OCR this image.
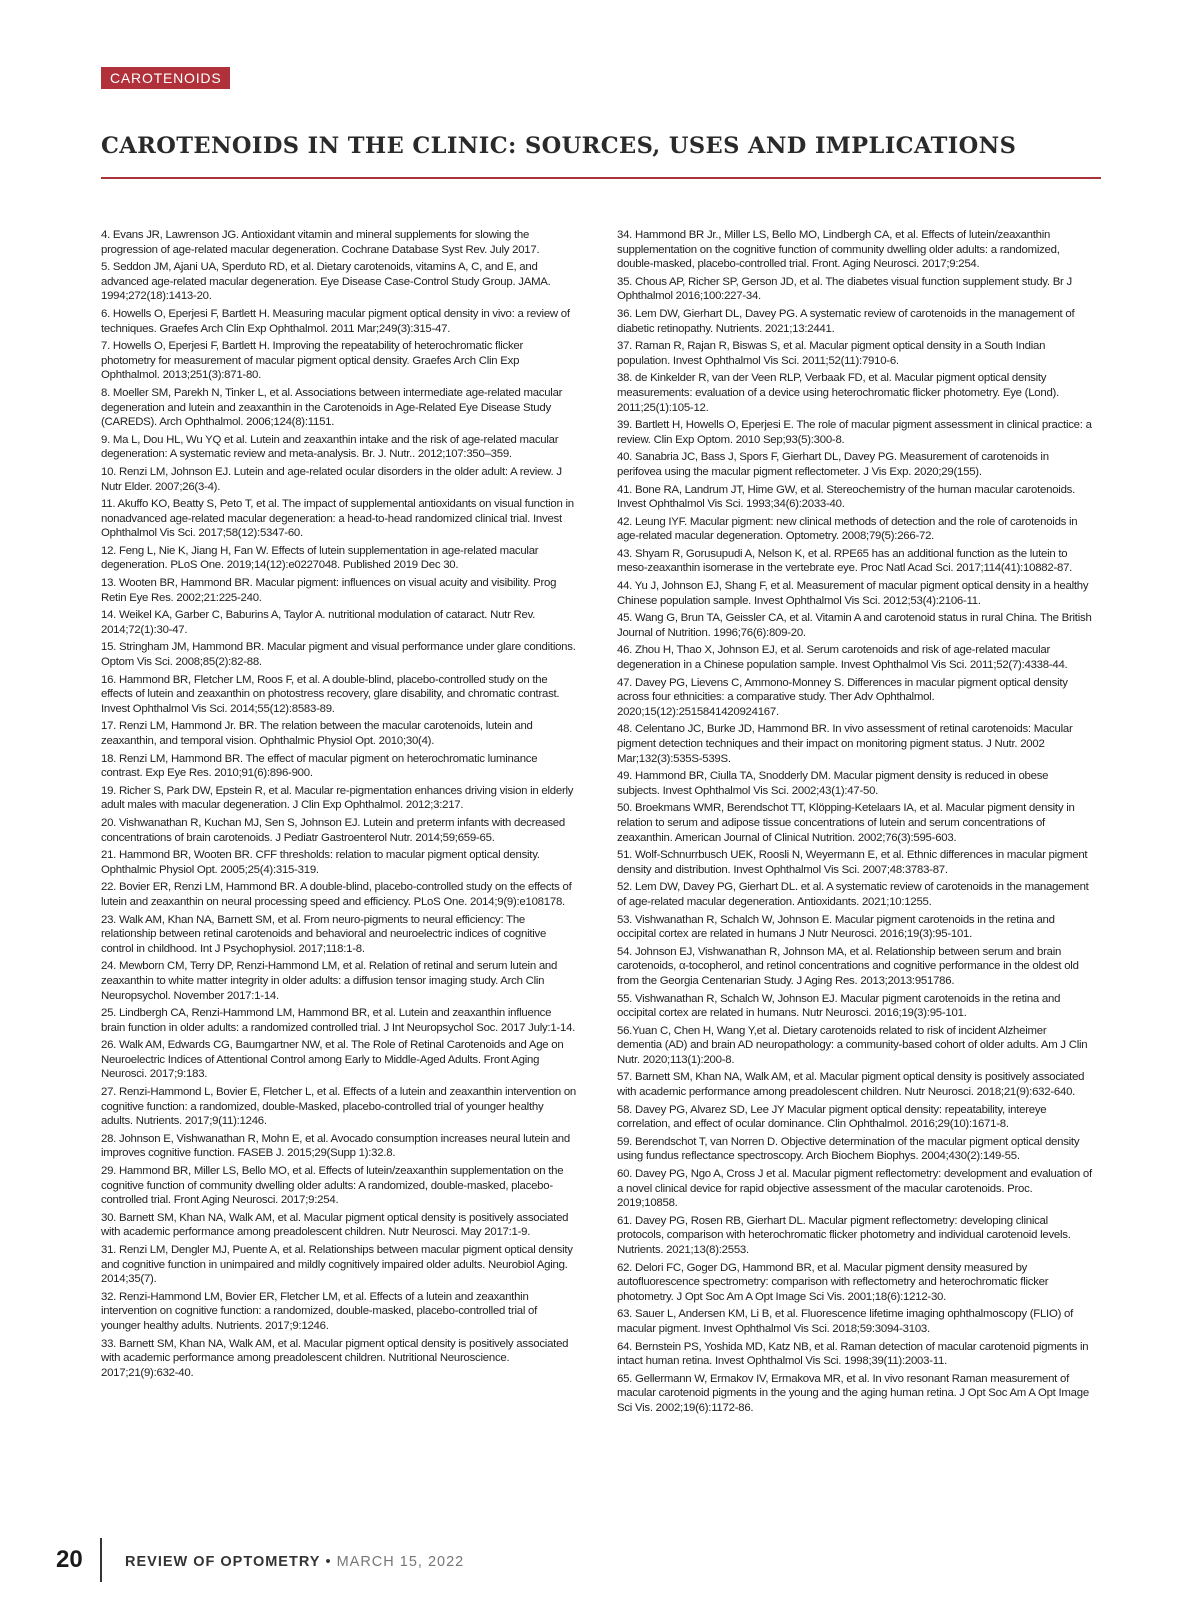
CAROTENOIDS
CAROTENOIDS IN THE CLINIC: SOURCES, USES AND IMPLICATIONS

4. Evans JR, Lawrenson JG. Antioxidant vitamin and mineral supplements for slowing the progression of age-related macular degeneration. Cochrane Database Syst Rev. July 2017.

5. Seddon JM, Ajani UA, Sperduto RD, et al. Dietary carotenoids, vitamins A, C, and E, and advanced age-related macular degeneration. Eye Disease Case-Control Study Group. JAMA. 1994;272(18):1413-20.

6. Howells O, Eperjesi F, Bartlett H. Measuring macular pigment optical density in vivo: a review of techniques. Graefes Arch Clin Exp Ophthalmol. 2011 Mar;249(3):315-47.

7. Howells O, Eperjesi F, Bartlett H. Improving the repeatability of heterochromatic flicker photometry for measurement of macular pigment optical density. Graefes Arch Clin Exp Ophthalmol. 2013;251(3):871-80.

8. Moeller SM, Parekh N, Tinker L, et al. Associations between intermediate age-related macular degeneration and lutein and zeaxanthin in the Carotenoids in Age-Related Eye Disease Study (CAREDS). Arch Ophthalmol. 2006;124(8):1151.

9. Ma L, Dou HL, Wu YQ et al. Lutein and zeaxanthin intake and the risk of age-related macular degeneration: A systematic review and meta-analysis. Br. J. Nutr.. 2012;107:350–359.

10. Renzi LM, Johnson EJ. Lutein and age-related ocular disorders in the older adult: A review. J Nutr Elder. 2007;26(3-4).

11. Akuffo KO, Beatty S, Peto T, et al. The impact of supplemental antioxidants on visual function in nonadvanced age-related macular degeneration: a head-to-head randomized clinical trial. Invest Ophthalmol Vis Sci. 2017;58(12):5347-60.

12. Feng L, Nie K, Jiang H, Fan W. Effects of lutein supplementation in age-related macular degeneration. PLoS One. 2019;14(12):e0227048. Published 2019 Dec 30.

13. Wooten BR, Hammond BR. Macular pigment: influences on visual acuity and visibility. Prog Retin Eye Res. 2002;21:225-240.

14. Weikel KA, Garber C, Baburins A, Taylor A. nutritional modulation of cataract. Nutr Rev. 2014;72(1):30-47.

15. Stringham JM, Hammond BR. Macular pigment and visual performance under glare conditions. Optom Vis Sci. 2008;85(2):82-88.

16. Hammond BR, Fletcher LM, Roos F, et al. A double-blind, placebo-controlled study on the effects of lutein and zeaxanthin on photostress recovery, glare disability, and chromatic contrast. Invest Ophthalmol Vis Sci. 2014;55(12):8583-89.

17. Renzi LM, Hammond Jr. BR. The relation between the macular carotenoids, lutein and zeaxanthin, and temporal vision. Ophthalmic Physiol Opt. 2010;30(4).

18. Renzi LM, Hammond BR. The effect of macular pigment on heterochromatic luminance contrast. Exp Eye Res. 2010;91(6):896-900.

19. Richer S, Park DW, Epstein R, et al. Macular re-pigmentation enhances driving vision in elderly adult males with macular degeneration. J Clin Exp Ophthalmol. 2012;3:217.

20. Vishwanathan R, Kuchan MJ, Sen S, Johnson EJ. Lutein and preterm infants with decreased concentrations of brain carotenoids. J Pediatr Gastroenterol Nutr. 2014;59;659-65.

21. Hammond BR, Wooten BR. CFF thresholds: relation to macular pigment optical density. Ophthalmic Physiol Opt. 2005;25(4):315-319.

22. Bovier ER, Renzi LM, Hammond BR. A double-blind, placebo-controlled study on the effects of lutein and zeaxanthin on neural processing speed and efficiency. PLoS One. 2014;9(9):e108178.

23. Walk AM, Khan NA, Barnett SM, et al. From neuro-pigments to neural efficiency: The relationship between retinal carotenoids and behavioral and neuroelectric indices of cognitive control in childhood. Int J Psychophysiol. 2017;118:1-8.

24. Mewborn CM, Terry DP, Renzi-Hammond LM, et al. Relation of retinal and serum lutein and zeaxanthin to white matter integrity in older adults: a diffusion tensor imaging study. Arch Clin Neuropsychol. November 2017:1-14.

25. Lindbergh CA, Renzi-Hammond LM, Hammond BR, et al. Lutein and zeaxanthin influence brain function in older adults: a randomized controlled trial. J Int Neuropsychol Soc. 2017 July:1-14.

26. Walk AM, Edwards CG, Baumgartner NW, et al. The Role of Retinal Carotenoids and Age on Neuroelectric Indices of Attentional Control among Early to Middle-Aged Adults. Front Aging Neurosci. 2017;9:183.

27. Renzi-Hammond L, Bovier E, Fletcher L, et al. Effects of a lutein and zeaxanthin intervention on cognitive function: a randomized, double-Masked, placebo-controlled trial of younger healthy adults. Nutrients. 2017;9(11):1246.

28. Johnson E, Vishwanathan R, Mohn E, et al. Avocado consumption increases neural lutein and improves cognitive function. FASEB J. 2015;29(Supp 1):32.8.

29. Hammond BR, Miller LS, Bello MO, et al. Effects of lutein/zeaxanthin supplementation on the cognitive function of community dwelling older adults: A randomized, double-masked, placebo-controlled trial. Front Aging Neurosci. 2017;9:254.

30. Barnett SM, Khan NA, Walk AM, et al. Macular pigment optical density is positively associated with academic performance among preadolescent children. Nutr Neurosci. May 2017:1-9.

31. Renzi LM, Dengler MJ, Puente A, et al. Relationships between macular pigment optical density and cognitive function in unimpaired and mildly cognitively impaired older adults. Neurobiol Aging. 2014;35(7).

32. Renzi-Hammond LM, Bovier ER, Fletcher LM, et al. Effects of a lutein and zeaxanthin intervention on cognitive function: a randomized, double-masked, placebo-controlled trial of younger healthy adults. Nutrients. 2017;9:1246.

33. Barnett SM, Khan NA, Walk AM, et al. Macular pigment optical density is positively associated with academic performance among preadolescent children. Nutritional Neuroscience. 2017;21(9):632-40.

34. Hammond BR Jr., Miller LS, Bello MO, Lindbergh CA, et al. Effects of lutein/zeaxanthin supplementation on the cognitive function of community dwelling older adults: a randomized, double-masked, placebo-controlled trial. Front. Aging Neurosci. 2017;9:254.

35. Chous AP, Richer SP, Gerson JD, et al. The diabetes visual function supplement study. Br J Ophthalmol 2016;100:227-34.

36. Lem DW, Gierhart DL, Davey PG. A systematic review of carotenoids in the management of diabetic retinopathy. Nutrients. 2021;13:2441.

37. Raman R, Rajan R, Biswas S, et al. Macular pigment optical density in a South Indian population. Invest Ophthalmol Vis Sci. 2011;52(11):7910-6.

38. de Kinkelder R, van der Veen RLP, Verbaak FD, et al. Macular pigment optical density measurements: evaluation of a device using heterochromatic flicker photometry. Eye (Lond). 2011;25(1):105-12.

39. Bartlett H, Howells O, Eperjesi E. The role of macular pigment assessment in clinical practice: a review. Clin Exp Optom. 2010 Sep;93(5):300-8.

40. Sanabria JC, Bass J, Spors F, Gierhart DL, Davey PG. Measurement of carotenoids in perifovea using the macular pigment reflectometer. J Vis Exp. 2020;29(155).

41. Bone RA, Landrum JT, Hime GW, et al. Stereochemistry of the human macular carotenoids. Invest Ophthalmol Vis Sci. 1993;34(6):2033-40.

42. Leung IYF. Macular pigment: new clinical methods of detection and the role of carotenoids in age-related macular degeneration. Optometry. 2008;79(5):266-72.

43. Shyam R, Gorusupudi A, Nelson K, et al. RPE65 has an additional function as the lutein to meso-zeaxanthin isomerase in the vertebrate eye. Proc Natl Acad Sci. 2017;114(41):10882-87.

44. Yu J, Johnson EJ, Shang F, et al. Measurement of macular pigment optical density in a healthy Chinese population sample. Invest Ophthalmol Vis Sci. 2012;53(4):2106-11.

45. Wang G, Brun TA, Geissler CA, et al. Vitamin A and carotenoid status in rural China. The British Journal of Nutrition. 1996;76(6):809-20.

46. Zhou H, Thao X, Johnson EJ, et al. Serum carotenoids and risk of age-related macular degeneration in a Chinese population sample. Invest Ophthalmol Vis Sci. 2011;52(7):4338-44.

47. Davey PG, Lievens C, Ammono-Monney S. Differences in macular pigment optical density across four ethnicities: a comparative study. Ther Adv Ophthalmol. 2020;15(12):2515841420924167.

48. Celentano JC, Burke JD, Hammond BR. In vivo assessment of retinal carotenoids: Macular pigment detection techniques and their impact on monitoring pigment status. J Nutr. 2002 Mar;132(3):535S-539S.

49. Hammond BR, Ciulla TA, Snodderly DM. Macular pigment density is reduced in obese subjects. Invest Ophthalmol Vis Sci. 2002;43(1):47-50.

50. Broekmans WMR, Berendschot TT, Klöpping-Ketelaars IA, et al. Macular pigment density in relation to serum and adipose tissue concentrations of lutein and serum concentrations of zeaxanthin. American Journal of Clinical Nutrition. 2002;76(3):595-603.

51. Wolf-Schnurrbusch UEK, Roosli N, Weyermann E, et al. Ethnic differences in macular pigment density and distribution. Invest Ophthalmol Vis Sci. 2007;48:3783-87.

52. Lem DW, Davey PG, Gierhart DL. et al. A systematic review of carotenoids in the management of age-related macular degeneration. Antioxidants. 2021;10:1255.

53. Vishwanathan R, Schalch W, Johnson E. Macular pigment carotenoids in the retina and occipital cortex are related in humans J Nutr Neurosci. 2016;19(3):95-101.

54. Johnson EJ, Vishwanathan R, Johnson MA, et al. Relationship between serum and brain carotenoids, α-tocopherol, and retinol concentrations and cognitive performance in the oldest old from the Georgia Centenarian Study. J Aging Res. 2013;2013:951786.

55. Vishwanathan R, Schalch W, Johnson EJ. Macular pigment carotenoids in the retina and occipital cortex are related in humans. Nutr Neurosci. 2016;19(3):95-101.

56.Yuan C, Chen H, Wang Y,et al. Dietary carotenoids related to risk of incident Alzheimer dementia (AD) and brain AD neuropathology: a community-based cohort of older adults. Am J Clin Nutr. 2020;113(1):200-8.

57. Barnett SM, Khan NA, Walk AM, et al. Macular pigment optical density is positively associated with academic performance among preadolescent children. Nutr Neurosci. 2018;21(9):632-640.

58. Davey PG, Alvarez SD, Lee JY Macular pigment optical density: repeatability, intereye correlation, and effect of ocular dominance. Clin Ophthalmol. 2016;29(10):1671-8.

59. Berendschot T, van Norren D. Objective determination of the macular pigment optical density using fundus reflectance spectroscopy. Arch Biochem Biophys. 2004;430(2):149-55.

60. Davey PG, Ngo A, Cross J et al. Macular pigment reflectometry: development and evaluation of a novel clinical device for rapid objective assessment of the macular carotenoids. Proc. 2019;10858.

61. Davey PG, Rosen RB, Gierhart DL. Macular pigment reflectometry: developing clinical protocols, comparison with heterochromatic flicker photometry and individual carotenoid levels. Nutrients. 2021;13(8):2553.

62. Delori FC, Goger DG, Hammond BR, et al. Macular pigment density measured by autofluorescence spectrometry: comparison with reflectometry and heterochromatic flicker photometry. J Opt Soc Am A Opt Image Sci Vis. 2001;18(6):1212-30.

63. Sauer L, Andersen KM, Li B, et al. Fluorescence lifetime imaging ophthalmoscopy (FLIO) of macular pigment. Invest Ophthalmol Vis Sci. 2018;59:3094-3103.

64. Bernstein PS, Yoshida MD, Katz NB, et al. Raman detection of macular carotenoid pigments in intact human retina. Invest Ophthalmol Vis Sci. 1998;39(11):2003-11.

65. Gellermann W, Ermakov IV, Ermakova MR, et al. In vivo resonant Raman measurement of macular carotenoid pigments in the young and the aging human retina. J Opt Soc Am A Opt Image Sci Vis. 2002;19(6):1172-86.

20	REVIEW OF OPTOMETRY • MARCH 15, 2022
